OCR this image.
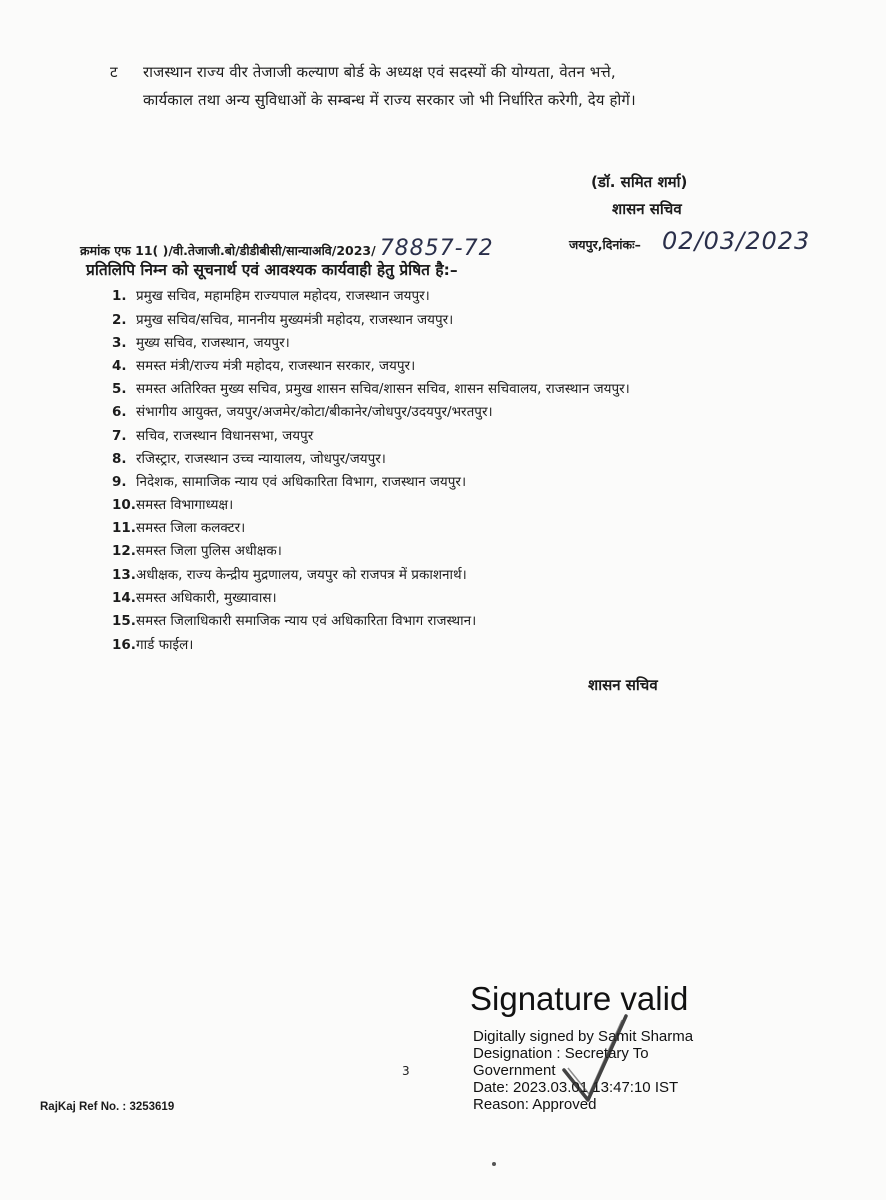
ट राजस्थान राज्य वीर तेजाजी कल्याण बोर्ड के अध्यक्ष एवं सदस्यों की योग्यता, वेतन भत्ते,
कार्यकाल तथा अन्य सुविधाओं के सम्बन्ध में राज्य सरकार जो भी निर्धारित करेगी, देय होगें।
(डॉ. समित शर्मा)
शासन सचिव
क्रमांक एफ 11( )/वी.तेजाजी.बो/डीडीबीसी/सान्याअवि/2023/ 78857-72	जयपुर,दिनांकः– 02/03/2023
प्रतिलिपि निम्न को सूचनार्थ एवं आवश्यक कार्यवाही हेतु प्रेषित है:–
1. प्रमुख सचिव, महामहिम राज्यपाल महोदय, राजस्थान जयपुर।
2. प्रमुख सचिव/सचिव, माननीय मुख्यमंत्री महोदय, राजस्थान जयपुर।
3. मुख्य सचिव, राजस्थान, जयपुर।
4. समस्त मंत्री/राज्य मंत्री महोदय, राजस्थान सरकार, जयपुर।
5. समस्त अतिरिक्त मुख्य सचिव, प्रमुख शासन सचिव/शासन सचिव, शासन सचिवालय, राजस्थान जयपुर।
6. संभागीय आयुक्त, जयपुर/अजमेर/कोटा/बीकानेर/जोधपुर/उदयपुर/भरतपुर।
7. सचिव, राजस्थान विधानसभा, जयपुर
8. रजिस्ट्रार, राजस्थान उच्च न्यायालय, जोधपुर/जयपुर।
9. निदेशक, सामाजिक न्याय एवं अधिकारिता विभाग, राजस्थान जयपुर।
10.समस्त विभागाध्यक्ष।
11.समस्त जिला कलक्टर।
12.समस्त जिला पुलिस अधीक्षक।
13.अधीक्षक, राज्य केन्द्रीय मुद्रणालय, जयपुर को राजपत्र में प्रकाशनार्थ।
14.समस्त अधिकारी, मुख्यावास।
15.समस्त जिलाधिकारी समाजिक न्याय एवं अधिकारिता विभाग राजस्थान।
16.गार्ड फाईल।
शासन सचिव
Signature valid
Digitally signed by Samit Sharma
Designation : Secretary To
Government
Date: 2023.03.01 13:47:10 IST
Reason: Approved
3
RajKaj Ref No. : 3253619
